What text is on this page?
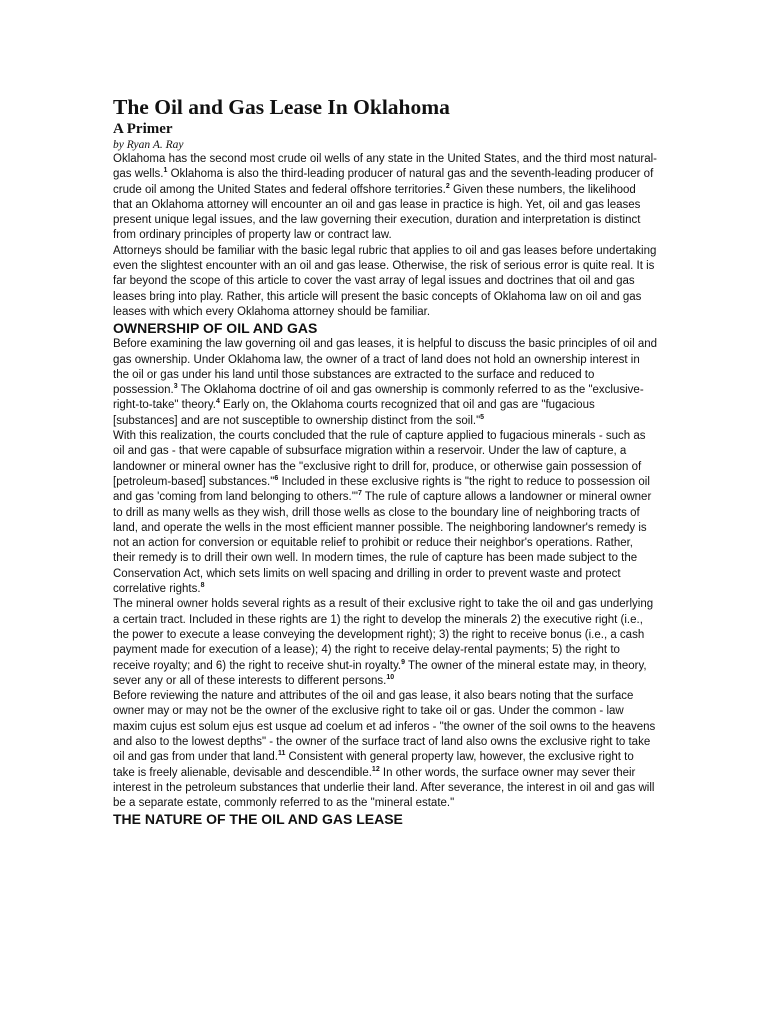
The Oil and Gas Lease In Oklahoma
A Primer

by Ryan A. Ray

Oklahoma has the second most crude oil wells of any state in the United States, and the third most natural-gas wells.$^1$ Oklahoma is also the third-leading producer of natural gas and the seventh-leading producer of crude oil among the United States and federal offshore territories.$^2$ Given these numbers, the likelihood that an Oklahoma attorney will encounter an oil and gas lease in practice is high. Yet, oil and gas leases present unique legal issues, and the law governing their execution, duration and interpretation is distinct from ordinary principles of property law or contract law.

Attorneys should be familiar with the basic legal rubric that applies to oil and gas leases before undertaking even the slightest encounter with an oil and gas lease. Otherwise, the risk of serious error is quite real. It is far beyond the scope of this article to cover the vast array of legal issues and doctrines that oil and gas leases bring into play. Rather, this article will present the basic concepts of Oklahoma law on oil and gas leases with which every Oklahoma attorney should be familiar.

OWNERSHIP OF OIL AND GAS

Before examining the law governing oil and gas leases, it is helpful to discuss the basic principles of oil and gas ownership. Under Oklahoma law, the owner of a tract of land does not hold an ownership interest in the oil or gas under his land until those substances are extracted to the surface and reduced to possession.$^3$ The Oklahoma doctrine of oil and gas ownership is commonly referred to as the "exclusive-right-to-take" theory.$^4$ Early on, the Oklahoma courts recognized that oil and gas are "fugacious [substances] and are not susceptible to ownership distinct from the soil."$^5$

With this realization, the courts concluded that the rule of capture applied to fugacious minerals - such as oil and gas - that were capable of subsurface migration within a reservoir. Under the law of capture, a landowner or mineral owner has the "exclusive right to drill for, produce, or otherwise gain possession of [petroleum-based] substances."$^6$ Included in these exclusive rights is "the right to reduce to possession oil and gas 'coming from land belonging to others.'"$^7$ The rule of capture allows a landowner or mineral owner to drill as many wells as they wish, drill those wells as close to the boundary line of neighboring tracts of land, and operate the wells in the most efficient manner possible. The neighboring landowner's remedy is not an action for conversion or equitable relief to prohibit or reduce their neighbor's operations. Rather, their remedy is to drill their own well. In modern times, the rule of capture has been made subject to the Conservation Act, which sets limits on well spacing and drilling in order to prevent waste and protect correlative rights.$^8$

The mineral owner holds several rights as a result of their exclusive right to take the oil and gas underlying a certain tract. Included in these rights are 1) the right to develop the minerals 2) the executive right (i.e., the power to execute a lease conveying the development right); 3) the right to receive bonus (i.e., a cash payment made for execution of a lease); 4) the right to receive delay-rental payments; 5) the right to receive royalty; and 6) the right to receive shut-in royalty.$^9$ The owner of the mineral estate may, in theory, sever any or all of these interests to different persons.$^{10}$

Before reviewing the nature and attributes of the oil and gas lease, it also bears noting that the surface owner may or may not be the owner of the exclusive right to take oil or gas. Under the common - law maxim cujus est solum ejus est usque ad coelum et ad inferos - "the owner of the soil owns to the heavens and also to the lowest depths" - the owner of the surface tract of land also owns the exclusive right to take oil and gas from under that land.$^{11}$ Consistent with general property law, however, the exclusive right to take is freely alienable, devisable and descendible.$^{12}$ In other words, the surface owner may sever their interest in the petroleum substances that underlie their land. After severance, the interest in oil and gas will be a separate estate, commonly referred to as the "mineral estate."

THE NATURE OF THE OIL AND GAS LEASE
